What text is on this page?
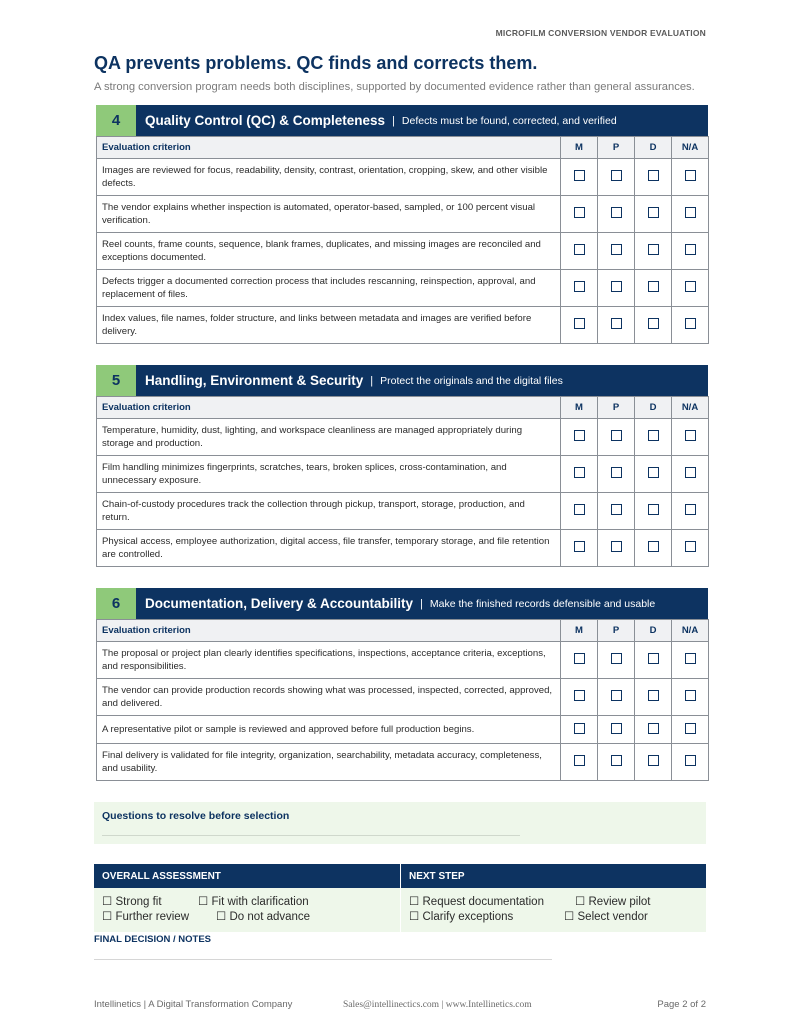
MICROFILM CONVERSION VENDOR EVALUATION
QA prevents problems. QC finds and corrects them.
A strong conversion program needs both disciplines, supported by documented evidence rather than general assurances.
4	Quality Control (QC) & Completeness | Defects must be found, corrected, and verified
Evaluation criterion	M	P	D	N/A
Images are reviewed for focus, readability, density, contrast, orientation, cropping, skew, and other visible defects.				
The vendor explains whether inspection is automated, operator-based, sampled, or 100 percent visual verification.				
Reel counts, frame counts, sequence, blank frames, duplicates, and missing images are reconciled and exceptions documented.				
Defects trigger a documented correction process that includes rescanning, reinspection, approval, and replacement of files.				
Index values, file names, folder structure, and links between metadata and images are verified before delivery.				
5	Handling, Environment & Security | Protect the originals and the digital files
Evaluation criterion	M	P	D	N/A
Temperature, humidity, dust, lighting, and workspace cleanliness are managed appropriately during storage and production.				
Film handling minimizes fingerprints, scratches, tears, broken splices, cross-contamination, and unnecessary exposure.				
Chain-of-custody procedures track the collection through pickup, transport, storage, production, and return.				
Physical access, employee authorization, digital access, file transfer, temporary storage, and file retention are controlled.				
6	Documentation, Delivery & Accountability | Make the finished records defensible and usable
Evaluation criterion	M	P	D	N/A
The proposal or project plan clearly identifies specifications, inspections, acceptance criteria, exceptions, and responsibilities.				
The vendor can provide production records showing what was processed, inspected, corrected, approved, and delivered.				
A representative pilot or sample is reviewed and approved before full production begins.				
Final delivery is validated for file integrity, organization, searchability, metadata accuracy, completeness, and usability.				
Questions to resolve before selection
OVERALL ASSESSMENT
☐ Strong fit	☐ Fit with clarification
☐ Further review	☐ Do not advance
NEXT STEP
☐ Request documentation	☐ Review pilot
☐ Clarify exceptions	☐ Select vendor
FINAL DECISION / NOTES
Intellinetics | A Digital Transformation Company	Sales@intellinectics.com | www.Intellinetics.com	Page 2 of 2
